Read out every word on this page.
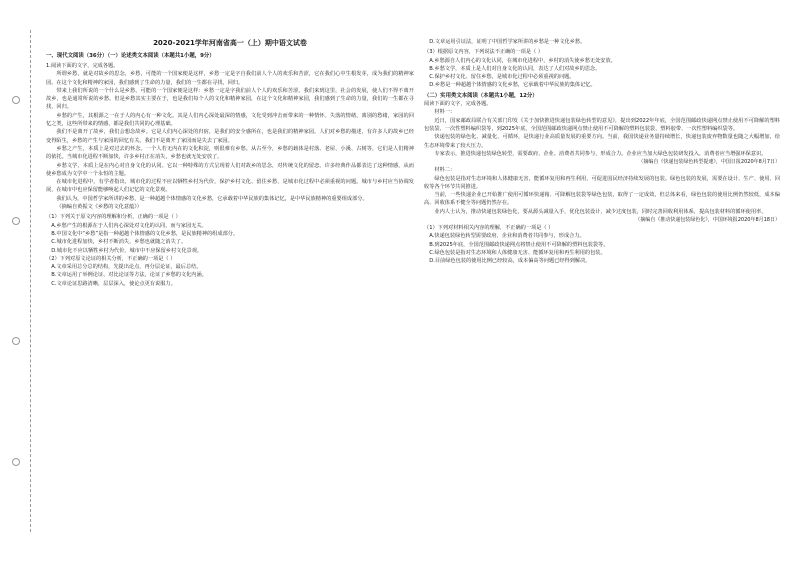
2020-2021学年河南省高一（上）期中语文试卷
一、现代文阅读（36分）（一）论述类文本阅读（本题共1小题，9分）
1.阅读下面的文字，完成各题。

所谓乡愁，就是对故乡的思念，乡愁，可能的一个国家便是这样，乡愁一定是字自我们前人个人的欢乐和苦涩，它在我们心中生根发芽，成为我们的精神家园。在这个文化和精神的家园，我们感到了生命的力量，我们的一生都在寻找，回归。

带来上我们所说的一个什么是乡愁，可能的一个国家便是这样：乡愁一定是字我们前人个人的欢乐和苦涩。我们来到这里，社会的发展，使人们不得不离开故乡，也是通常所说的乡愁。但是乡愁其实主要在于，也是我们每个人的文化和精神家园，在这个文化和精神家园，我们感到了生命的力量，我们的一生都在寻找，回归。

乡愁的产生，其根源之一在于人的内心有一种文化。其是人们内心深处最深的情感，文化受到冲击而带来的一种情怀。失落的情绪，离别的愁绪，家园的回忆之类，这些所带来的情感，都是我们共同的心理基础。

我们不是离开了故乡，我们会想念故乡。它是人们内心深处的归宿，是我们的安全感所在，也是我们的精神家园。人们对乡愁的描述，有许多人的故乡已经变得陌生，乡愁的产生与家园的回忆有关。我们不是离开了家园而是失去了家园。

乡愁之产生，本质上是对过去的怀念。一个人若无内在的文化积淀，则很难有乡愁。从古至今，乡愁的载体是村落、老屋、小溪、古树等，它们是人们精神的依托。当城市化进程不断加快，许多乡村正在消失，乡愁也就无处安放了。

乡愁文学，本质上是在内心对自身文化的认同。它以一种特殊的方式呈现着人们对故乡的思念，对传统文化的留恋。许多经典作品都表达了这种情感，从而使乡愁成为文学中一个永恒的主题。

在城市化进程中，有学者指出，城市化的过程不应以牺牲乡村为代价，保护乡村文化、留住乡愁，是城市化过程中必须重视的问题。城市与乡村应当协调发展，在城市中也应保留能够唤起人们记忆的文化景观。

我们认为，中国哲学家所讲的乡愁，是一种超越个体情感的文化乡愁，它承载着中华民族的集体记忆，是中华民族精神的重要组成部分。

（摘编自黄振文《乡愁的文化意蕴》）

（1）下列关于原文内容的理解和分析，正确的一项是（ ）

A.乡愁产生的根源在于人们内心深处对文化的认同，而与家园无关。

B.中国文化中“乡愁”是指一种超越个体情感的文化乡愁，是民族精神的组成部分。

C.城市化进程加快，乡村不断消失，乡愁也就随之消失了。

D.城市化不应以牺牲乡村为代价，城市中不应保留乡村文化景观。

（2）下列对原文论证的相关分析，不正确的一项是（ ）

A.文章采用总分总的结构，先提出论点，再分层论证，最后总结。

B.文章运用了举例论证、对比论证等方法，论证了乡愁的文化内涵。

C.文章论证思路清晰，层层深入，使论点更有说服力。

D.文章运用引证法，证明了中国哲学家所讲的乡愁是一种文化乡愁。

（3）根据原文内容，下列说法不正确的一项是（ ）

A.乡愁源自人们内心的文化认同，在城市化进程中，乡村的消失使乡愁无处安放。

B.乡愁文学，本质上是人们对自身文化的认同，表达了人们对故乡的思念。

C.保护乡村文化、留住乡愁，是城市化过程中必须重视的问题。

D.乡愁是一种超越个体情感的文化乡愁，它承载着中华民族的集体记忆。

（二）实用类文本阅读（本题共1小题，12分）

阅读下面的文字，完成各题。

材料一：

近日，国家邮政局联合有关部门印发《关于加快推进快递包装绿色转型的意见》，提出到2022年年底，全国范围邮政快递网点禁止使用不可降解的塑料包装袋、一次性塑料编织袋等，到2025年底，全国范围邮政快递网点禁止使用不可降解的塑料包装袋、塑料胶带、一次性塑料编织袋等。

快递包装的绿色化、减量化、可循环，是快递行业高质量发展的重要方向。当前，我国快递业务量持续增长，快递包装废弃物数量也随之大幅增加，给生态环境带来了较大压力。

专家表示，推进快递包装绿色转型，需要政府、企业、消费者共同参与，形成合力。企业应当加大绿色包装研发投入，消费者应当增强环保意识。

（摘编自《快递包装绿色转型提速》，中国日报2020年8月7日）

材料二：

绿色包装是指对生态环境和人体健康无害，能循环复用和再生利用，可促进国民经济持续发展的包装。绿色包装的发展，需要在设计、生产、使用、回收等各个环节共同推进。

当前，一些快递企业已开始推广使用可循环快递箱、可降解包装袋等绿色包装，取得了一定成效。但总体来看，绿色包装的使用比例仍然较低，成本偏高、回收体系不健全等问题仍然存在。

业内人士认为，推动快递包装绿色化，要从源头减量入手，优化包装设计，减少过度包装，同时完善回收利用体系，提高包装材料的循环使用率。

（摘编自《推动快递包装绿色化》，中国环境报2020年8月18日）

（1）下列对材料相关内容的理解，不正确的一项是（ ）

A.快递包装绿色转型需要政府、企业和消费者共同参与，形成合力。

B.到2025年底，全国范围邮政快递网点将禁止使用不可降解的塑料包装袋等。

C.绿色包装是指对生态环境和人体健康无害、能循环复用和再生利用的包装。

D.目前绿色包装的使用比例已经较高，成本偏高等问题已经得到解决。
